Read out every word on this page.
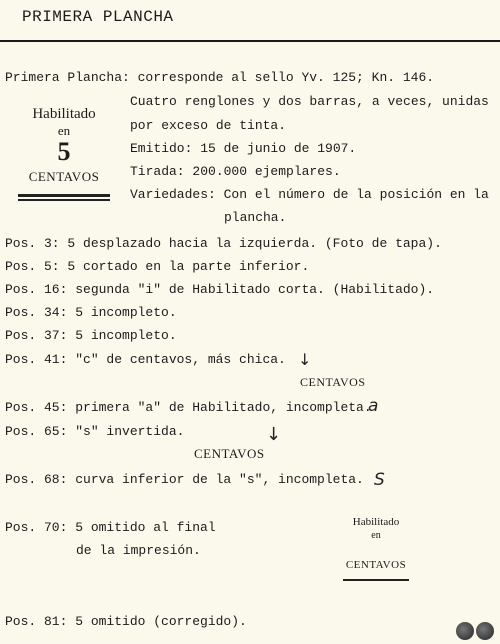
PRIMERA PLANCHA
Primera Plancha: corresponde al sello Yv. 125; Kn. 146.
Habilitado
en
5
CENTAVOS
Cuatro renglones y dos barras, a veces, unidas
por exceso de tinta.
Emitido: 15 de junio de 1907.
Tirada: 200.000 ejemplares.
Variedades: Con el número de la posición en la
plancha.
Pos. 3: 5 desplazado hacia la izquierda. (Foto de tapa).
Pos. 5: 5 cortado en la parte inferior.
Pos. 16: segunda "i" de Habilitado corta. (Habilitado).
Pos. 34: 5 incompleto.
Pos. 37: 5 incompleto.
Pos. 41: "c" de centavos, más chica. ↓
CENTAVOS
Pos. 45: primera "a" de Habilitado, incompleta.
a
Pos. 65: "s" invertida.	↓
CENTAVOS
Pos. 68: curva inferior de la "s", incompleta. S
Pos. 70: 5 omitido al final
de la impresión.
Habilitado
en
CENTAVOS
Pos. 81: 5 omitido (corregido).
